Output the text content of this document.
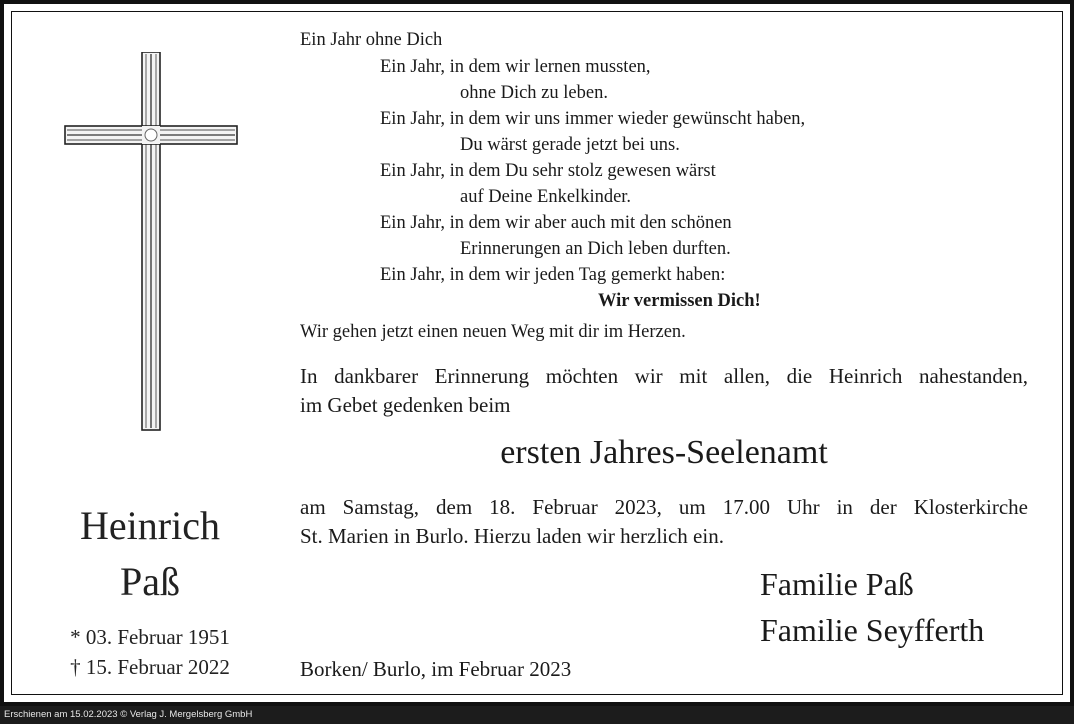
Heinrich
Paß
* 03. Februar 1951
† 15. Februar 2022
Ein Jahr ohne Dich
Ein Jahr, in dem wir lernen mussten,
ohne Dich zu leben.
Ein Jahr, in dem wir uns immer wieder gewünscht haben,
Du wärst gerade jetzt bei uns.
Ein Jahr, in dem Du sehr stolz gewesen wärst
auf Deine Enkelkinder.
Ein Jahr, in dem wir aber auch mit den schönen
Erinnerungen an Dich leben durften.
Ein Jahr, in dem wir jeden Tag gemerkt haben:
Wir vermissen Dich!
Wir gehen jetzt einen neuen Weg mit dir im Herzen.
In dankbarer Erinnerung möchten wir mit allen, die Heinrich nahestanden,
im Gebet gedenken beim
ersten Jahres-Seelenamt
am Samstag, dem 18. Februar 2023, um 17.00 Uhr in der Klosterkirche
St. Marien in Burlo. Hierzu laden wir herzlich ein.
Familie Paß
Familie Seyfferth
Borken/ Burlo, im Februar 2023
Erschienen am 15.02.2023 © Verlag J. Mergelsberg GmbH
